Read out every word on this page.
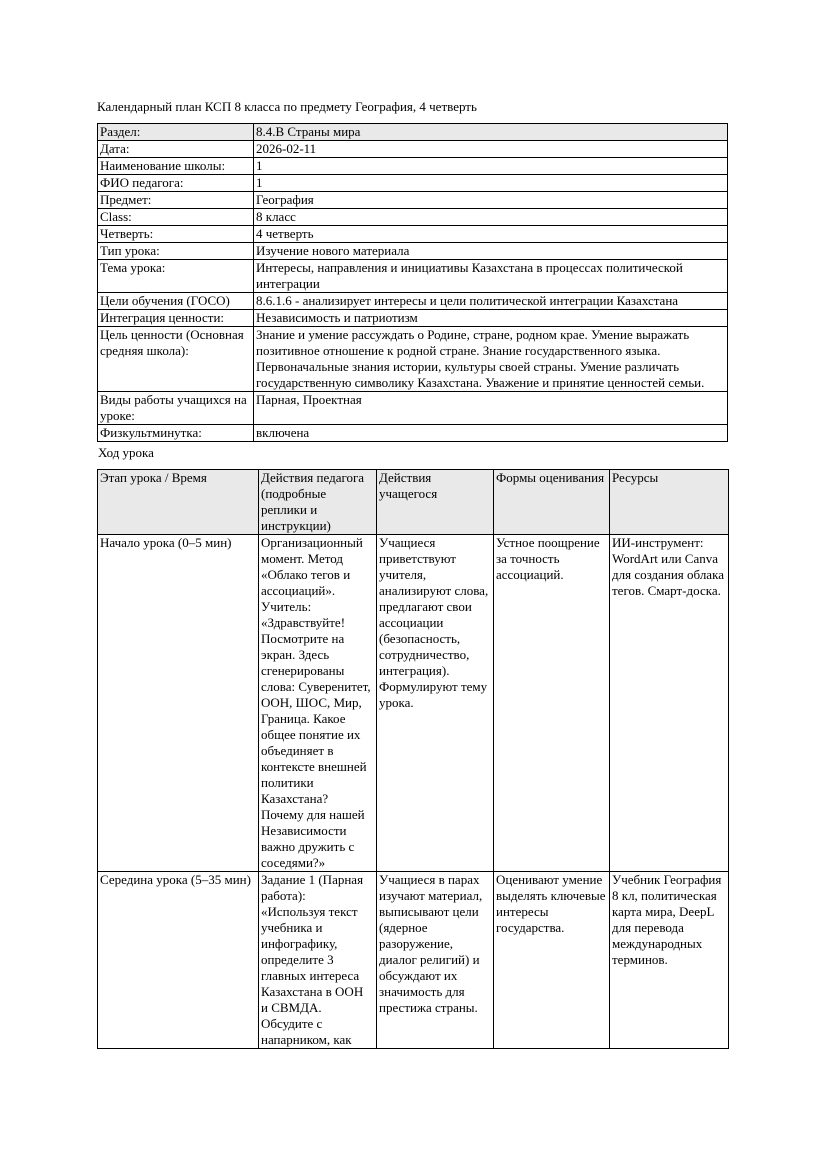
Календарный план КСП 8 класса по предмету География, 4 четверть
Раздел:	8.4.В Страны мира
Дата:	2026-02-11
Наименование школы:	1
ФИО педагога:	1
Предмет:	География
Class:	8 класс
Четверть:	4 четверть
Тип урока:	Изучение нового материала
Тема урока:	Интересы, направления и инициативы Казахстана в процессах политической интеграции
Цели обучения (ГОСО)	8.6.1.6 - анализирует интересы и цели политической интеграции Казахстана
Интеграция ценности:	Независимость и патриотизм
Цель ценности (Основная средняя школа):	Знание и умение рассуждать о Родине, стране, родном крае. Умение выражать позитивное отношение к родной стране. Знание государственного языка. Первоначальные знания истории, культуры своей страны. Умение различать государственную символику Казахстана. Уважение и принятие ценностей семьи.
Виды работы учащихся на уроке:	Парная, Проектная
Физкультминутка:	включена
Ход урока
Этап урока / Время	Действия педагога (подробные реплики и инструкции)	Действия учащегося	Формы оценивания	Ресурсы
Начало урока (0–5 мин)	Организационный момент. Метод «Облако тегов и ассоциаций». Учитель: «Здравствуйте! Посмотрите на экран. Здесь сгенерированы слова: Суверенитет, ООН, ШОС, Мир, Граница. Какое общее понятие их объединяет в контексте внешней политики Казахстана? Почему для нашей Независимости важно дружить с соседями?»	Учащиеся приветствуют учителя, анализируют слова, предлагают свои ассоциации (безопасность, сотрудничество, интеграция). Формулируют тему урока.	Устное поощрение за точность ассоциаций.	ИИ-инструмент: WordArt или Canva для создания облака тегов. Смарт-доска.
Середина урока (5–35 мин)	Задание 1 (Парная работа): «Используя текст учебника и инфографику, определите 3 главных интереса Казахстана в ООН и СВМДА. Обсудите с напарником, как	Учащиеся в парах изучают материал, выписывают цели (ядерное разоружение, диалог религий) и обсуждают их значимость для престижа страны.	Оценивают умение выделять ключевые интересы государства.	Учебник География 8 кл, политическая карта мира, DeepL для перевода международных терминов.
